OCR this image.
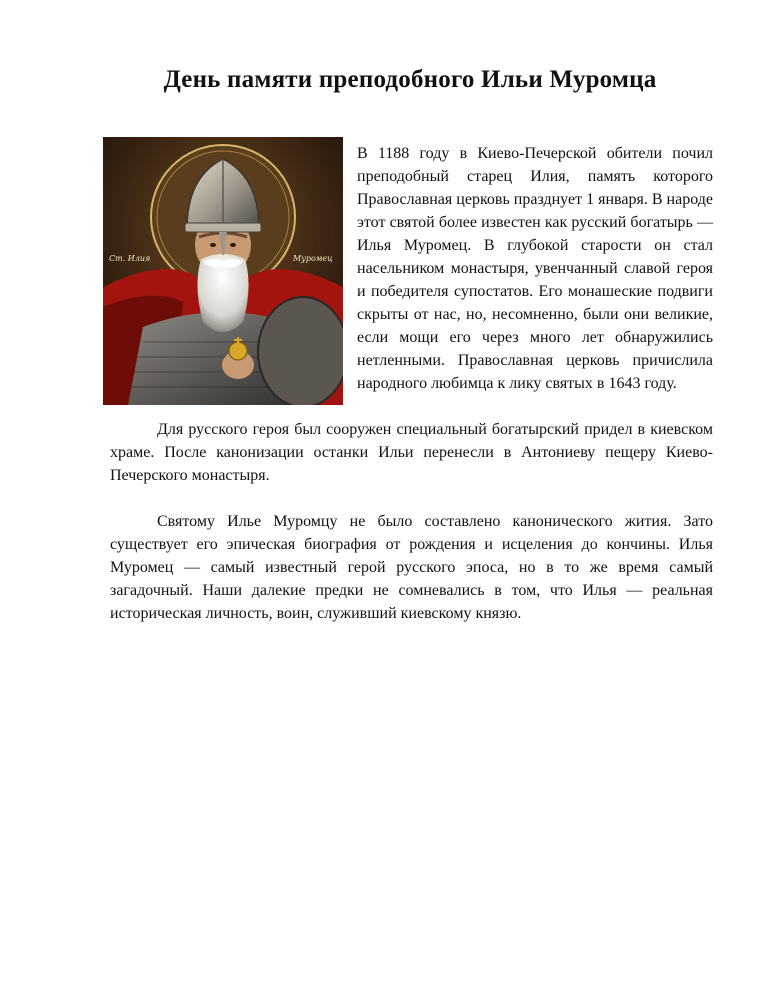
День памяти преподобного Ильи Муромца
Ст. Илия	Муромец

В 1188 году в Киево-Печерской обители почил преподобный старец Илия, память которого Православная церковь празднует 1 января. В народе этот святой более известен как русский богатырь — Илья Муромец. В глубокой старости он стал насельником монастыря, увенчанный славой героя и победителя супостатов. Его монашеские подвиги скрыты от нас, но, несомненно, были они великие, если мощи его через много лет обнаружились нетленными. Православная церковь причислила народного любимца к лику святых в 1643 году.

Для русского героя был сооружен специальный богатырский придел в киевском храме. После канонизации останки Ильи перенесли в Антониеву пещеру Киево-Печерского монастыря.

Святому Илье Муромцу не было составлено канонического жития. Зато существует его эпическая биография от рождения и исцеления до кончины. Илья Муромец — самый известный герой русского эпоса, но в то же время самый загадочный. Наши далекие предки не сомневались в том, что Илья — реальная историческая личность, воин, служивший киевскому князю.
